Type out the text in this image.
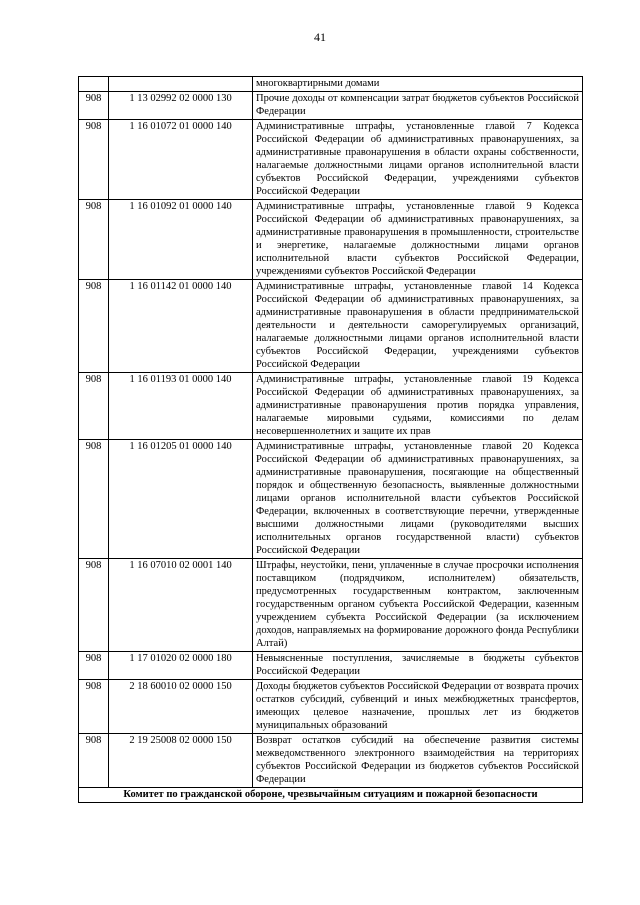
41
		многоквартирными домами
908	1 13 02992 02 0000 130	Прочие доходы от компенсации затрат бюджетов субъектов Российской Федерации
908	1 16 01072 01 0000 140	Административные штрафы, установленные главой 7 Кодекса Российской Федерации об административных правонарушениях, за административные правонарушения в области охраны собственности, налагаемые должностными лицами органов исполнительной власти субъектов Российской Федерации, учреждениями субъектов Российской Федерации
908	1 16 01092 01 0000 140	Административные штрафы, установленные главой 9 Кодекса Российской Федерации об административных правонарушениях, за административные правонарушения в промышленности, строительстве и энергетике, налагаемые должностными лицами органов исполнительной власти субъектов Российской Федерации, учреждениями субъектов Российской Федерации
908	1 16 01142 01 0000 140	Административные штрафы, установленные главой 14 Кодекса Российской Федерации об административных правонарушениях, за административные правонарушения в области предпринимательской деятельности и деятельности саморегулируемых организаций, налагаемые должностными лицами органов исполнительной власти субъектов Российской Федерации, учреждениями субъектов Российской Федерации
908	1 16 01193 01 0000 140	Административные штрафы, установленные главой 19 Кодекса Российской Федерации об административных правонарушениях, за административные правонарушения против порядка управления, налагаемые мировыми судьями, комиссиями по делам несовершеннолетних и защите их прав
908	1 16 01205 01 0000 140	Административные штрафы, установленные главой 20 Кодекса Российской Федерации об административных правонарушениях, за административные правонарушения, посягающие на общественный порядок и общественную безопасность, выявленные должностными лицами органов исполнительной власти субъектов Российской Федерации, включенных в соответствующие перечни, утвержденные высшими должностными лицами (руководителями высших исполнительных органов государственной власти) субъектов Российской Федерации
908	1 16 07010 02 0001 140	Штрафы, неустойки, пени, уплаченные в случае просрочки исполнения поставщиком (подрядчиком, исполнителем) обязательств, предусмотренных государственным контрактом, заключенным государственным органом субъекта Российской Федерации, казенным учреждением субъекта Российской Федерации (за исключением доходов, направляемых на формирование дорожного фонда Республики Алтай)
908	1 17 01020 02 0000 180	Невыясненные поступления, зачисляемые в бюджеты субъектов Российской Федерации
908	2 18 60010 02 0000 150	Доходы бюджетов субъектов Российской Федерации от возврата прочих остатков субсидий, субвенций и иных межбюджетных трансфертов, имеющих целевое назначение, прошлых лет из бюджетов муниципальных образований
908	2 19 25008 02 0000 150	Возврат остатков субсидий на обеспечение развития системы межведомственного электронного взаимодействия на территориях субъектов Российской Федерации из бюджетов субъектов Российской Федерации
Комитет по гражданской обороне, чрезвычайным ситуациям и пожарной безопасности		
